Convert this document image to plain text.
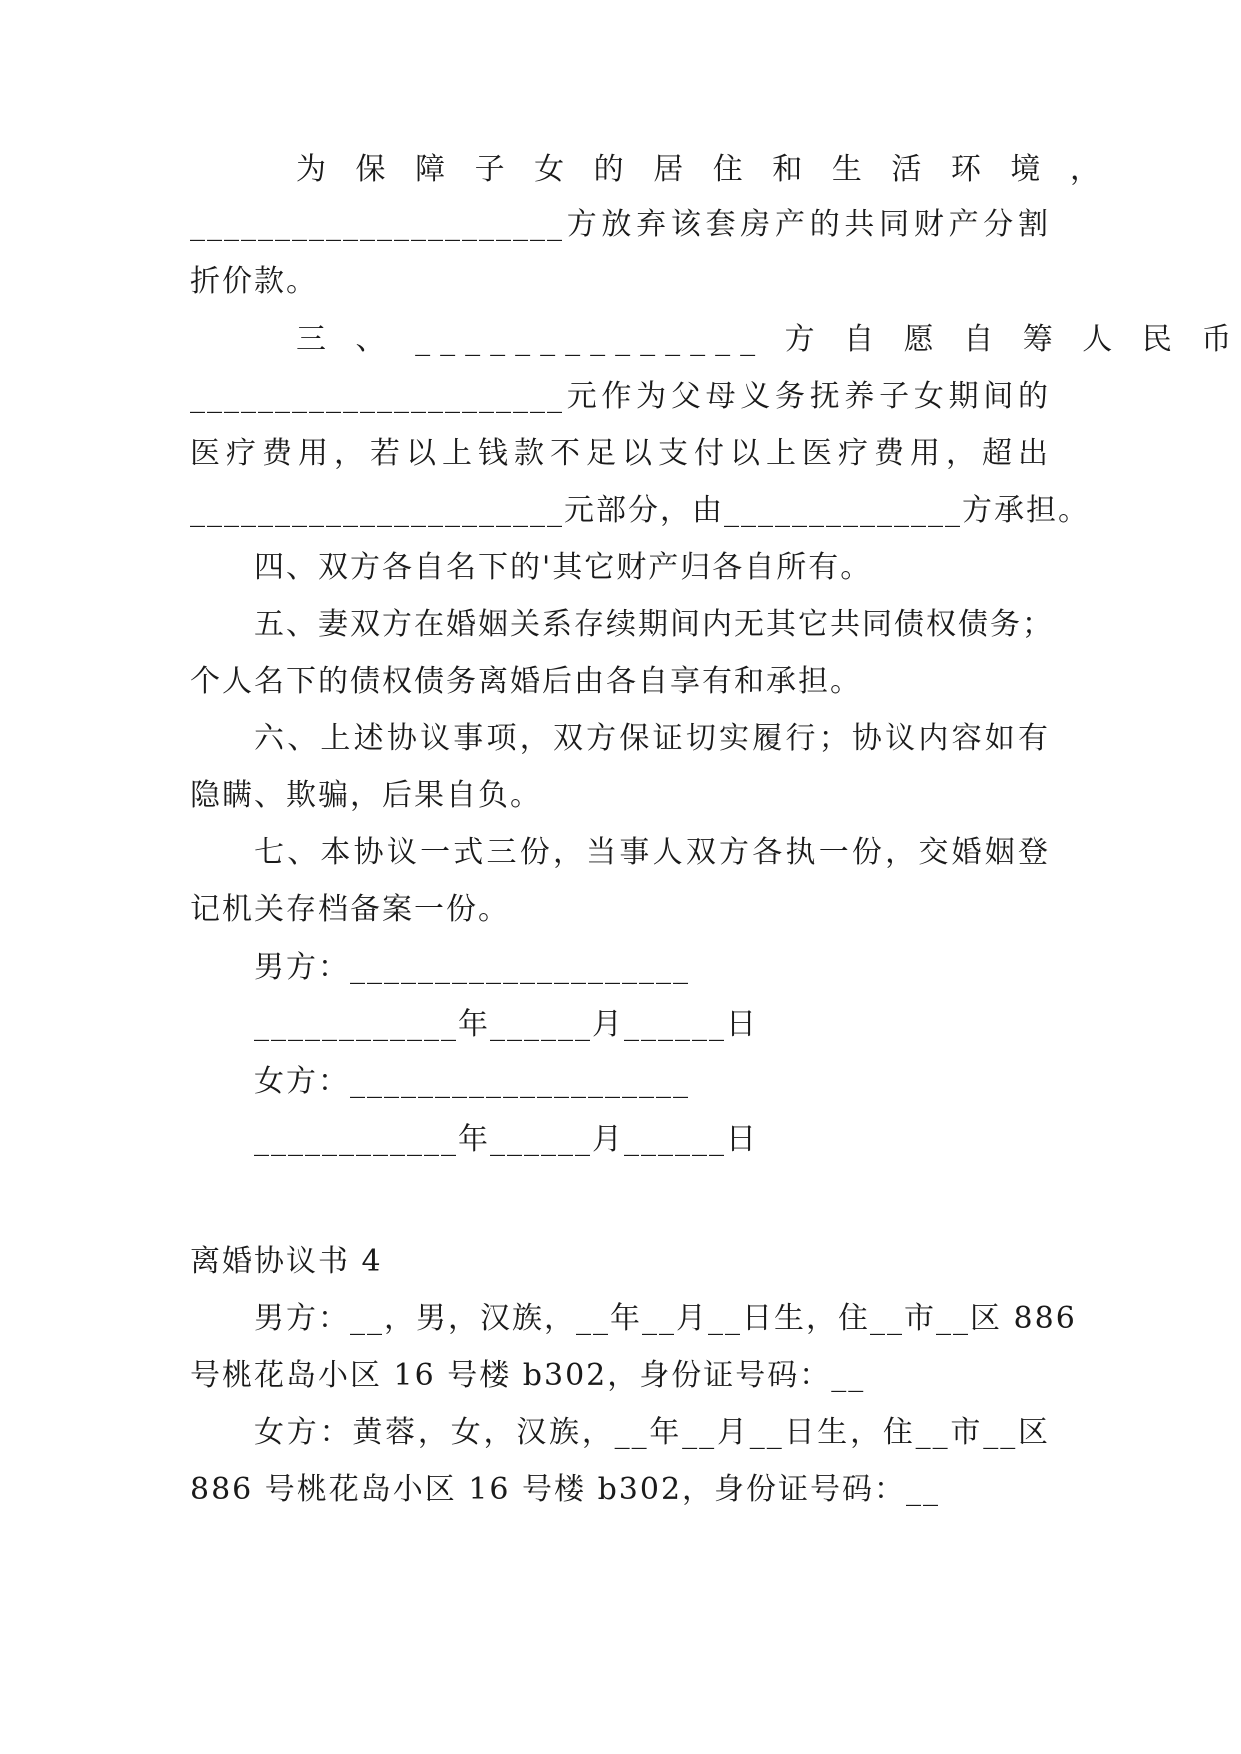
为 保 障 子 女 的 居 住 和 生 活 环 境 ，
______________________方放弃该套房产的共同财产分割
折价款。
三 、 ______________ 方 自 愿 自 筹 人 民 币
______________________元作为父母义务抚养子女期间的
医疗费用，若以上钱款不足以支付以上医疗费用，超出
______________________元部分，由______________方承担。
四、双方各自名下的'其它财产归各自所有。
五、妻双方在婚姻关系存续期间内无其它共同债权债务；
个人名下的债权债务离婚后由各自享有和承担。
六、上述协议事项，双方保证切实履行；协议内容如有
隐瞒、欺骗，后果自负。
七、本协议一式三份，当事人双方各执一份，交婚姻登
记机关存档备案一份。
男方：____________________
____________年______月______日
女方：____________________
____________年______月______日
离婚协议书 4
男方：__，男，汉族，__年__月__日生，住__市__区 886
号桃花岛小区 16 号楼 b302，身份证号码：__
女方：黄蓉，女，汉族，__年__月__日生，住__市__区
886 号桃花岛小区 16 号楼 b302，身份证号码：__
